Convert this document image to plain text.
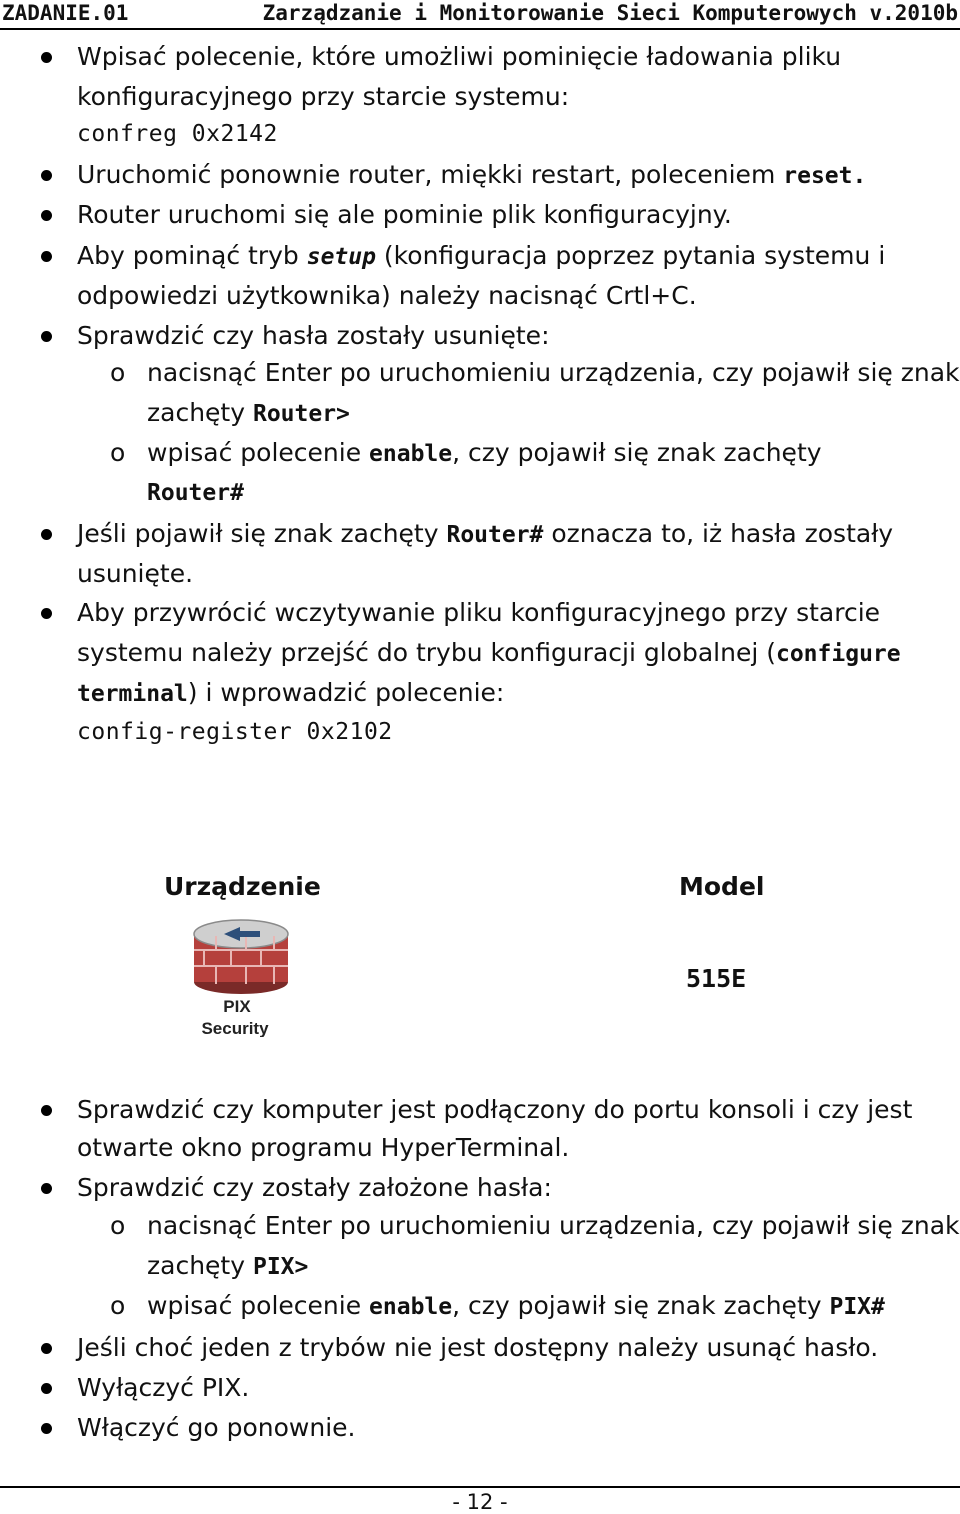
ZADANIE.01	Zarządzanie i Monitorowanie Sieci Komputerowych v.2010b
Wpisać polecenie, które umożliwi pominięcie ładowania pliku
konfiguracyjnego przy starcie systemu:
confreg 0x2142
Uruchomić ponownie router, miękki restart, poleceniem reset.
Router uruchomi się ale pominie plik konfiguracyjny.
Aby pominąć tryb setup (konfiguracja poprzez pytania systemu i
odpowiedzi użytkownika) należy nacisnąć Crtl+C.
Sprawdzić czy hasła zostały usunięte:
o nacisnąć Enter po uruchomieniu urządzenia, czy pojawił się znak
zachęty Router>
o wpisać polecenie enable, czy pojawił się znak zachęty
Router#
Jeśli pojawił się znak zachęty Router# oznacza to, iż hasła zostały
usunięte.
Aby przywrócić wczytywanie pliku konfiguracyjnego przy starcie
systemu należy przejść do trybu konfiguracji globalnej (configure
terminal) i wprowadzić polecenie:
config-register 0x2102
Urządzenie	Model
PIX
Security
515E
Sprawdzić czy komputer jest podłączony do portu konsoli i czy jest
otwarte okno programu HyperTerminal.
Sprawdzić czy zostały założone hasła:
o nacisnąć Enter po uruchomieniu urządzenia, czy pojawił się znak
zachęty PIX>
o wpisać polecenie enable, czy pojawił się znak zachęty PIX#
Jeśli choć jeden z trybów nie jest dostępny należy usunąć hasło.
Wyłączyć PIX.
Włączyć go ponownie.
- 12 -
